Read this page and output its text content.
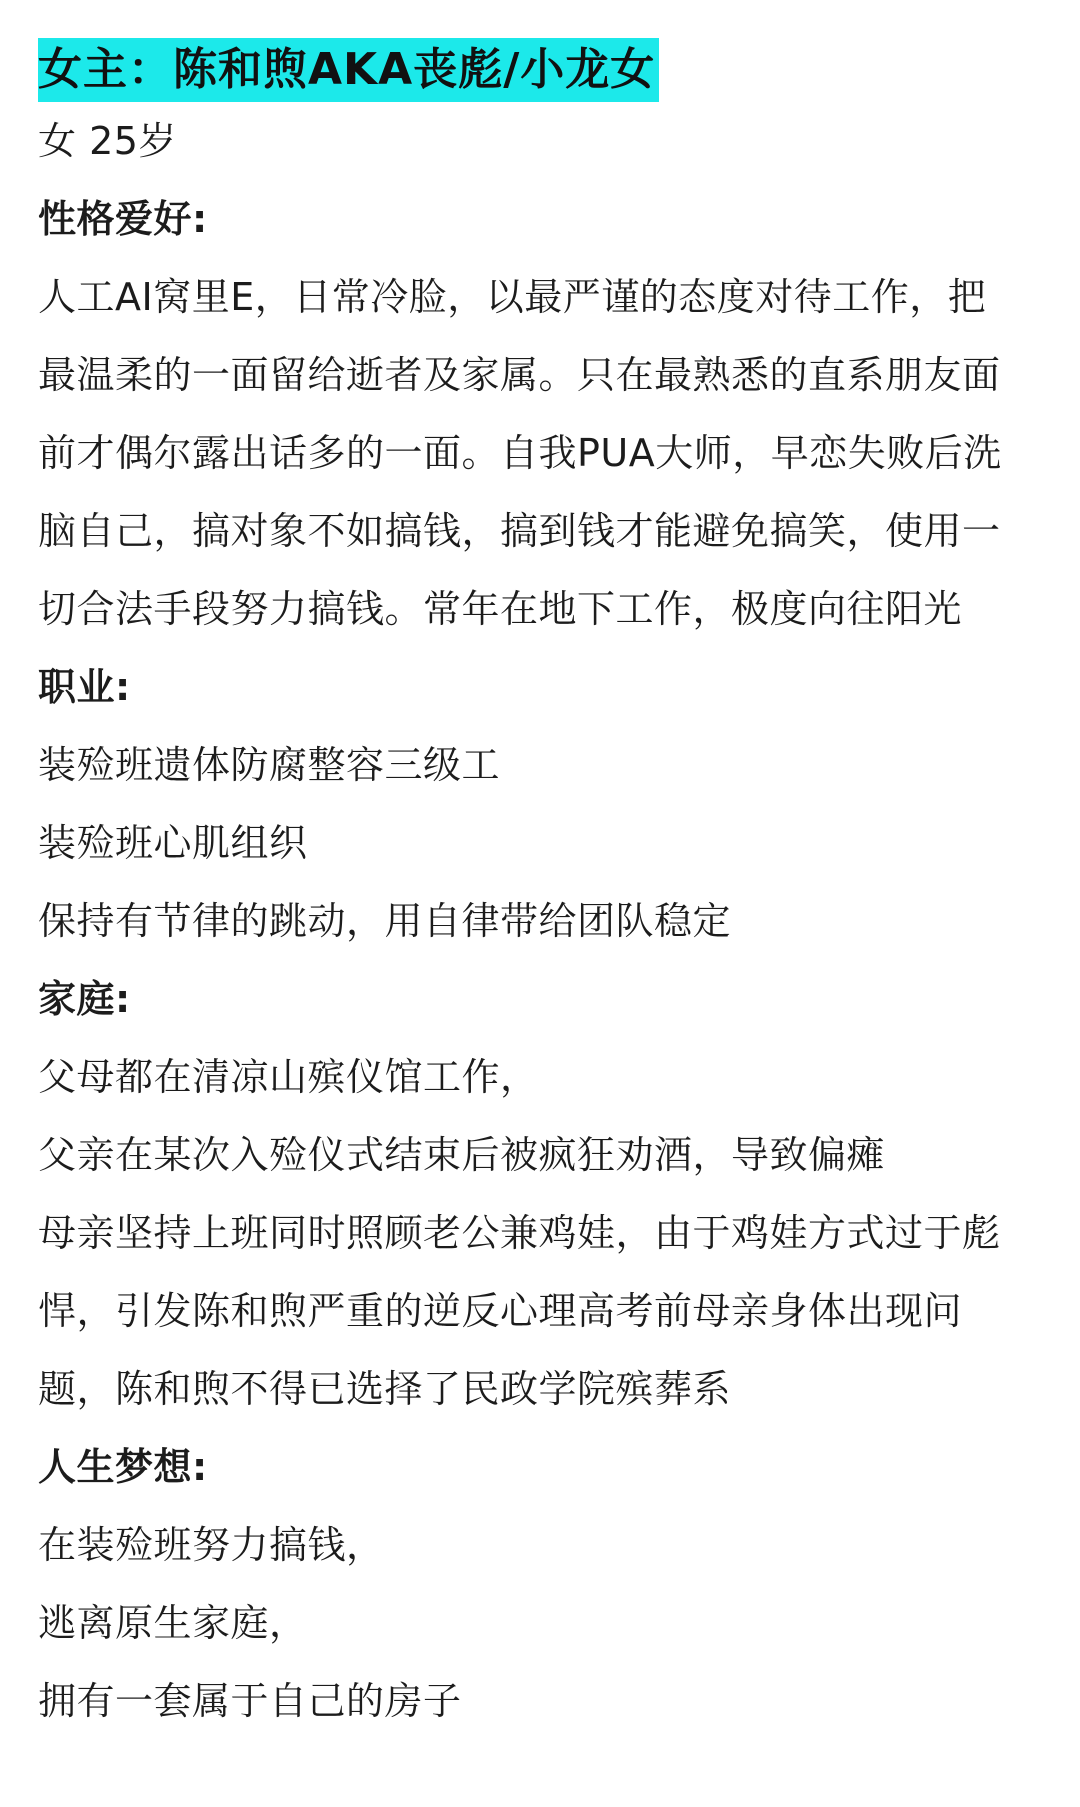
女主：陈和煦AKA丧彪/小龙女
女 25岁
性格爱好:
人工AI窝里E，日常冷脸，以最严谨的态度对待工作，把
最温柔的一面留给逝者及家属。只在最熟悉的直系朋友面
前才偶尔露出话多的一面。自我PUA大师，早恋失败后洗
脑自己，搞对象不如搞钱，搞到钱才能避免搞笑，使用一
切合法手段努力搞钱。常年在地下工作，极度向往阳光
职业:
装殓班遗体防腐整容三级工
装殓班心肌组织
保持有节律的跳动，用自律带给团队稳定
家庭:
父母都在清凉山殡仪馆工作，
父亲在某次入殓仪式结束后被疯狂劝酒，导致偏瘫
母亲坚持上班同时照顾老公兼鸡娃，由于鸡娃方式过于彪
悍，引发陈和煦严重的逆反心理高考前母亲身体出现问
题，陈和煦不得已选择了民政学院殡葬系
人生梦想:
在装殓班努力搞钱，
逃离原生家庭，
拥有一套属于自己的房子
